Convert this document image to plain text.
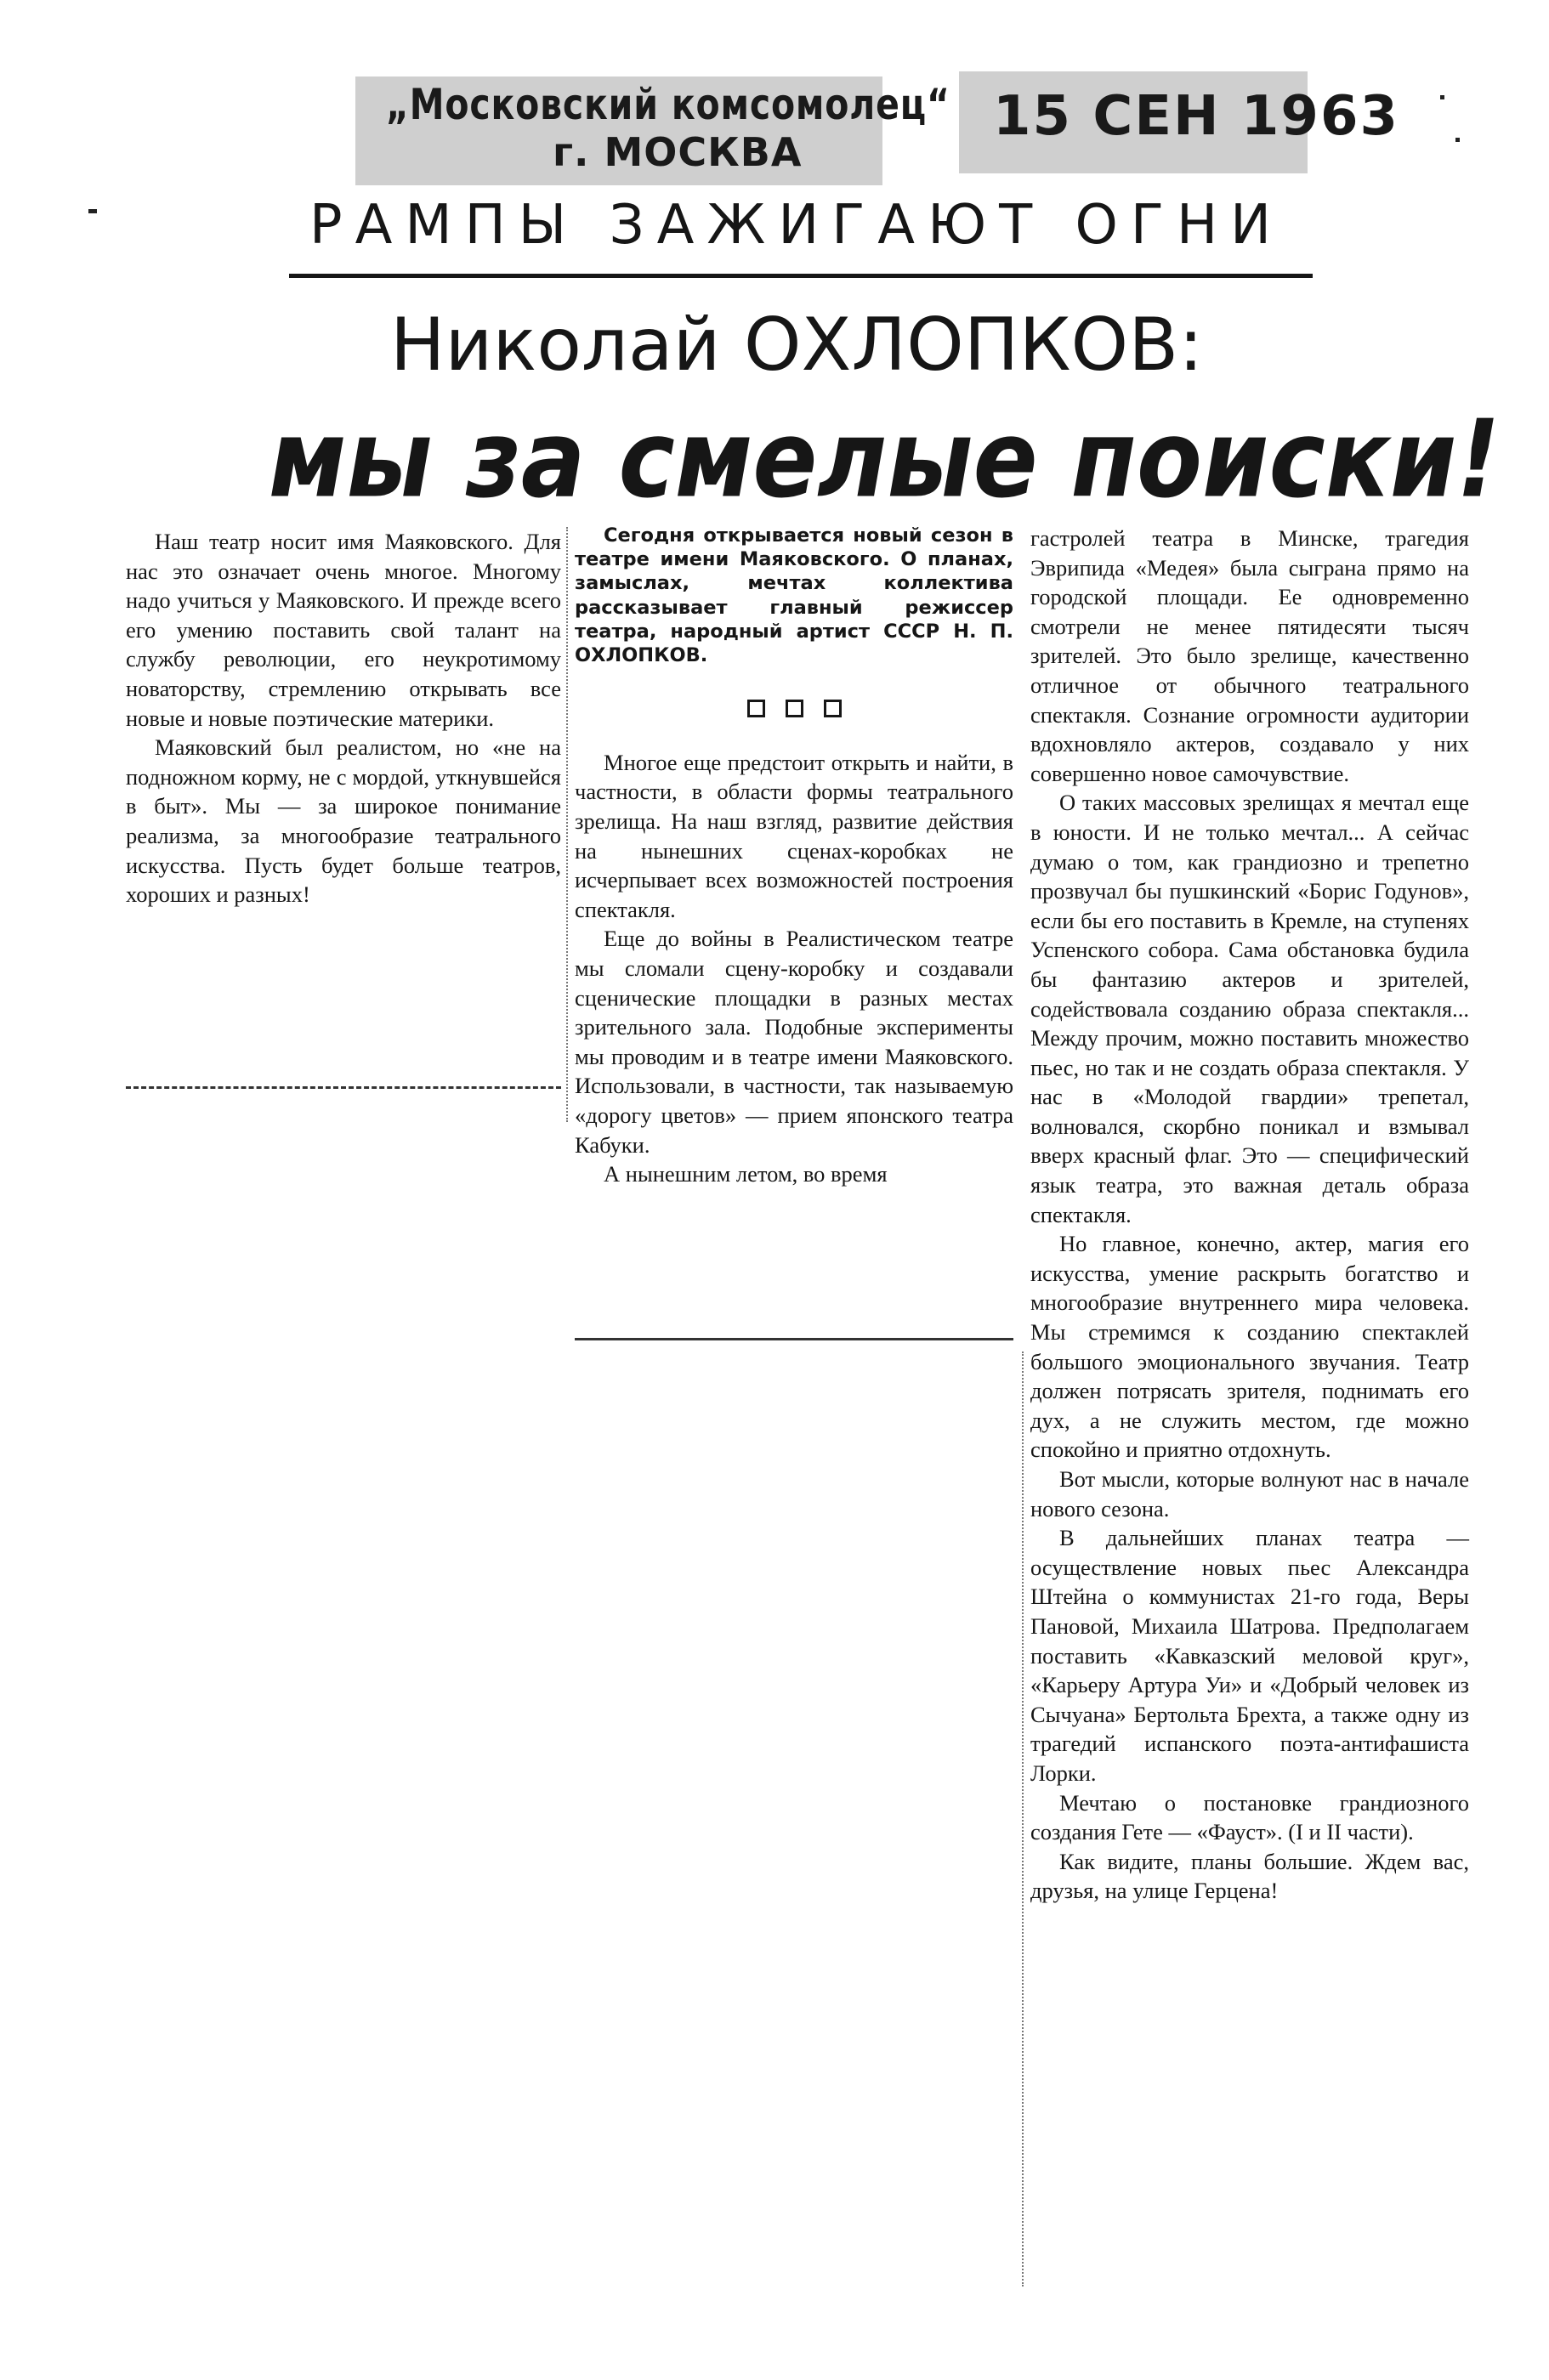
„Московский комсомолец“
г. МОСКВА
15 СЕН 1963
РАМПЫ ЗАЖИГАЮТ ОГНИ
Николай ОХЛОПКОВ:
мы за смелые поиски!

Наш театр носит имя Маяковского. Для нас это означает очень многое. Многому надо учиться у Маяковского. И прежде всего его умению поставить свой талант на службу революции, его неукротимому новаторству, стремлению открывать все новые и новые поэтические материки.

Маяковский был реалистом, но «не на подножном корму, не с мордой, уткнувшейся в быт». Мы — за широкое понимание реализма, за многообразие театрального искусства. Пусть будет больше театров, хороших и разных!

Сегодня открывается новый сезон в театре имени Маяковского. О планах, замыслах, мечтах коллектива рассказывает главный режиссер театра, народный артист СССР Н. П. ОХЛОПКОВ.

Многое еще предстоит открыть и найти, в частности, в области формы театрального зрелища. На наш взгляд, развитие действия на нынешних сценах-коробках не исчерпывает всех возможностей построения спектакля.

Еще до войны в Реалистическом театре мы сломали сцену-коробку и создавали сценические площадки в разных местах зрительного зала. Подобные эксперименты мы проводим и в театре имени Маяковского. Использовали, в частности, так называемую «дорогу цветов» — прием японского театра Кабуки.

А нынешним летом, во время

гастролей театра в Минске, трагедия Эврипида «Медея» была сыграна прямо на городской площади. Ее одновременно смотрели не менее пятидесяти тысяч зрителей. Это было зрелище, качественно отличное от обычного театрального спектакля. Сознание огромности аудитории вдохновляло актеров, создавало у них совершенно новое самочувствие.

О таких массовых зрелищах я мечтал еще в юности. И не только мечтал... А сейчас думаю о том, как грандиозно и трепетно прозвучал бы пушкинский «Борис Годунов», если бы его поставить в Кремле, на ступенях Успенского собора. Сама обстановка будила бы фантазию актеров и зрителей, содействовала созданию образа спектакля... Между прочим, можно поставить множество пьес, но так и не создать образа спектакля. У нас в «Молодой гвардии» трепетал, волновался, скорбно поникал и взмывал вверх красный флаг. Это — специфический язык театра, это важная деталь образа спектакля.

Но главное, конечно, актер, магия его искусства, умение раскрыть богатство и многообразие внутреннего мира человека. Мы стремимся к созданию спектаклей большого эмоционального звучания. Театр должен потрясать зрителя, поднимать его дух, а не служить местом, где можно спокойно и приятно отдохнуть.

Вот мысли, которые волнуют нас в начале нового сезона.

В дальнейших планах театра — осуществление новых пьес Александра Штейна о коммунистах 21-го года, Веры Пановой, Михаила Шатрова. Предполагаем поставить «Кавказский меловой круг», «Карьеру Артура Уи» и «Добрый человек из Сычуана» Бертольта Брехта, а также одну из трагедий испанского поэта-антифашиста Лорки.

Мечтаю о постановке грандиозного создания Гете — «Фауст». (I и II части).

Как видите, планы большие. Ждем вас, друзья, на улице Герцена!
